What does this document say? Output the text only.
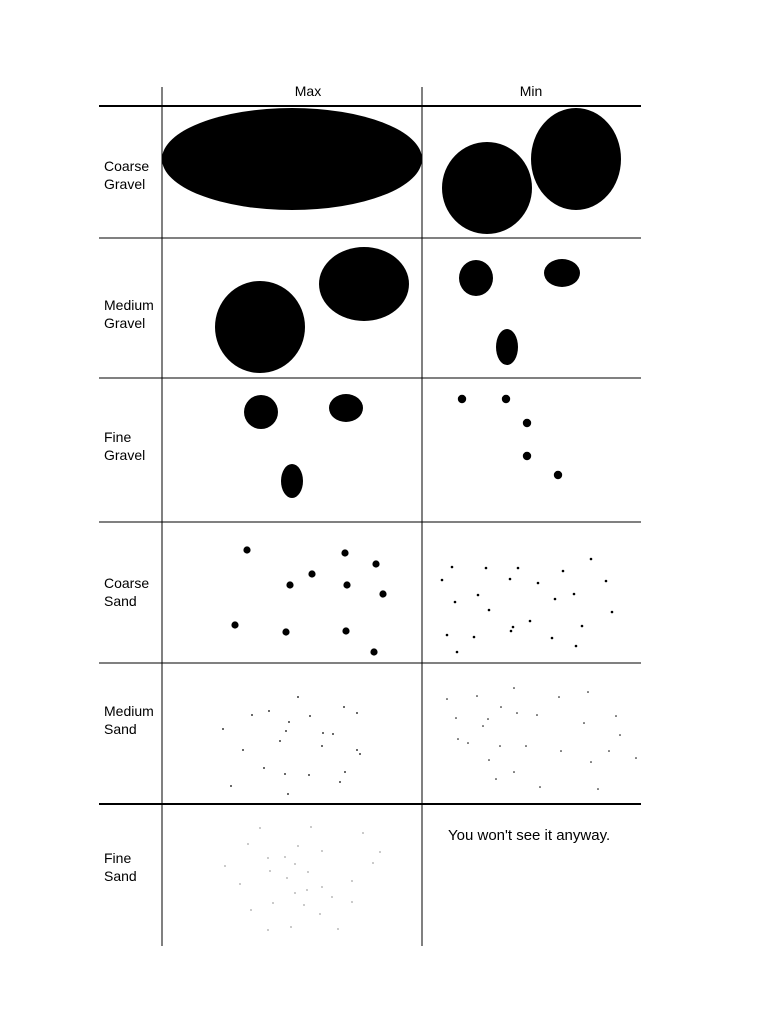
Max	Min
Coarse
Gravel
Medium
Gravel
Fine
Gravel
Coarse
Sand
Medium
Sand
Fine
Sand
You won't see it anyway.
